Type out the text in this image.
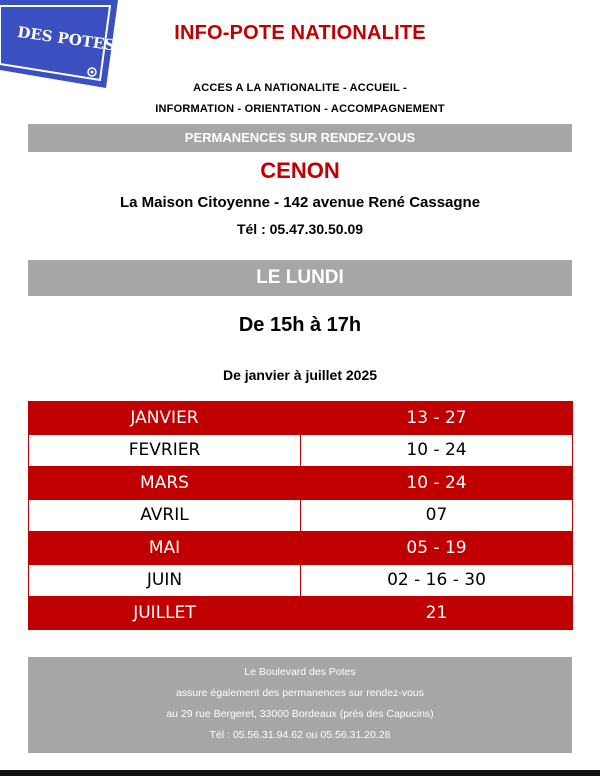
DES POTES	INFO-POTE NATIONALITE
ACCES A LA NATIONALITE - ACCUEIL -
INFORMATION - ORIENTATION - ACCOMPAGNEMENT
PERMANENCES SUR RENDEZ-VOUS
CENON
La Maison Citoyenne - 142 avenue René Cassagne
Tél : 05.47.30.50.09
LE LUNDI
De 15h à 17h
De janvier à juillet 2025
JANVIER	13 - 27
FEVRIER	10 - 24
MARS	10 - 24
AVRIL	07
MAI	05 - 19
JUIN	02 - 16 - 30
JUILLET	21
Le Boulevard des Potes
assure également des permanences sur rendez-vous
au 29 rue Bergeret, 33000 Bordeaux (près des Capucins)
Tél : 05.56.31.94.62 ou 05.56.31.20.28
